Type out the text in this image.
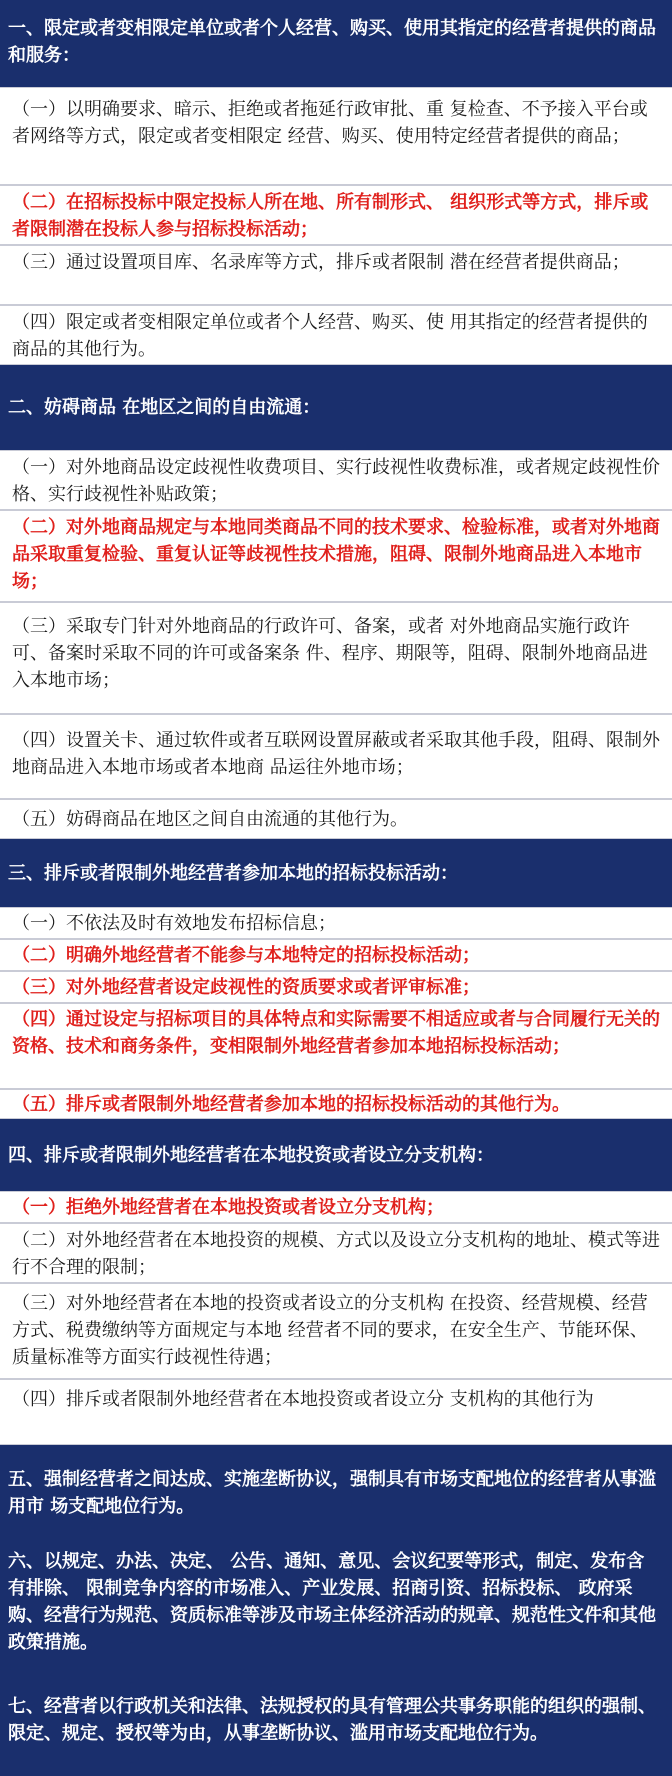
一、限定或者变相限定单位或者个人经营、购买、使用其指定的经营者提供的商品和服务：
（一）以明确要求、暗示、拒绝或者拖延行政审批、重 复检查、不予接入平台或者网络等方式，限定或者变相限定 经营、购买、使用特定经营者提供的商品；
（二）在招标投标中限定投标人所在地、所有制形式、 组织形式等方式，排斥或者限制潜在投标人参与招标投标活动；
（三）通过设置项目库、名录库等方式，排斥或者限制 潜在经营者提供商品；
（四）限定或者变相限定单位或者个人经营、购买、使 用其指定的经营者提供的商品的其他行为。
二、妨碍商品 在地区之间的自由流通：
（一）对外地商品设定歧视性收费项目、实行歧视性收费标准，或者规定歧视性价格、实行歧视性补贴政策；
（二）对外地商品规定与本地同类商品不同的技术要求、检验标准，或者对外地商品采取重复检验、重复认证等歧视性技术措施，阻碍、限制外地商品进入本地市场；
（三）采取专门针对外地商品的行政许可、备案，或者 对外地商品实施行政许可、备案时采取不同的许可或备案条 件、程序、期限等，阻碍、限制外地商品进入本地市场；
（四）设置关卡、通过软件或者互联网设置屏蔽或者采取其他手段，阻碍、限制外地商品进入本地市场或者本地商 品运往外地市场；
（五）妨碍商品在地区之间自由流通的其他行为。
三、排斥或者限制外地经营者参加本地的招标投标活动：
（一）不依法及时有效地发布招标信息；
（二）明确外地经营者不能参与本地特定的招标投标活动；
（三）对外地经营者设定歧视性的资质要求或者评审标准；
（四）通过设定与招标项目的具体特点和实际需要不相适应或者与合同履行无关的资格、技术和商务条件，变相限制外地经营者参加本地招标投标活动；
（五）排斥或者限制外地经营者参加本地的招标投标活动的其他行为。
四、排斥或者限制外地经营者在本地投资或者设立分支机构：
（一）拒绝外地经营者在本地投资或者设立分支机构；
（二）对外地经营者在本地投资的规模、方式以及设立分支机构的地址、模式等进行不合理的限制；
（三）对外地经营者在本地的投资或者设立的分支机构 在投资、经营规模、经营方式、税费缴纳等方面规定与本地 经营者不同的要求，在安全生产、节能环保、质量标准等方面实行歧视性待遇；
（四）排斥或者限制外地经营者在本地投资或者设立分 支机构的其他行为
五、强制经营者之间达成、实施垄断协议，强制具有市场支配地位的经营者从事滥用市 场支配地位行为。
六、以规定、办法、决定、 公告、通知、意见、会议纪要等形式，制定、发布含有排除、 限制竞争内容的市场准入、产业发展、招商引资、招标投标、 政府采购、经营行为规范、资质标准等涉及市场主体经济活动的规章、规范性文件和其他政策措施。
七、经营者以行政机关和法律、法规授权的具有管理公共事务职能的组织的强制、限定、规定、授权等为由，从事垄断协议、滥用市场支配地位行为。
